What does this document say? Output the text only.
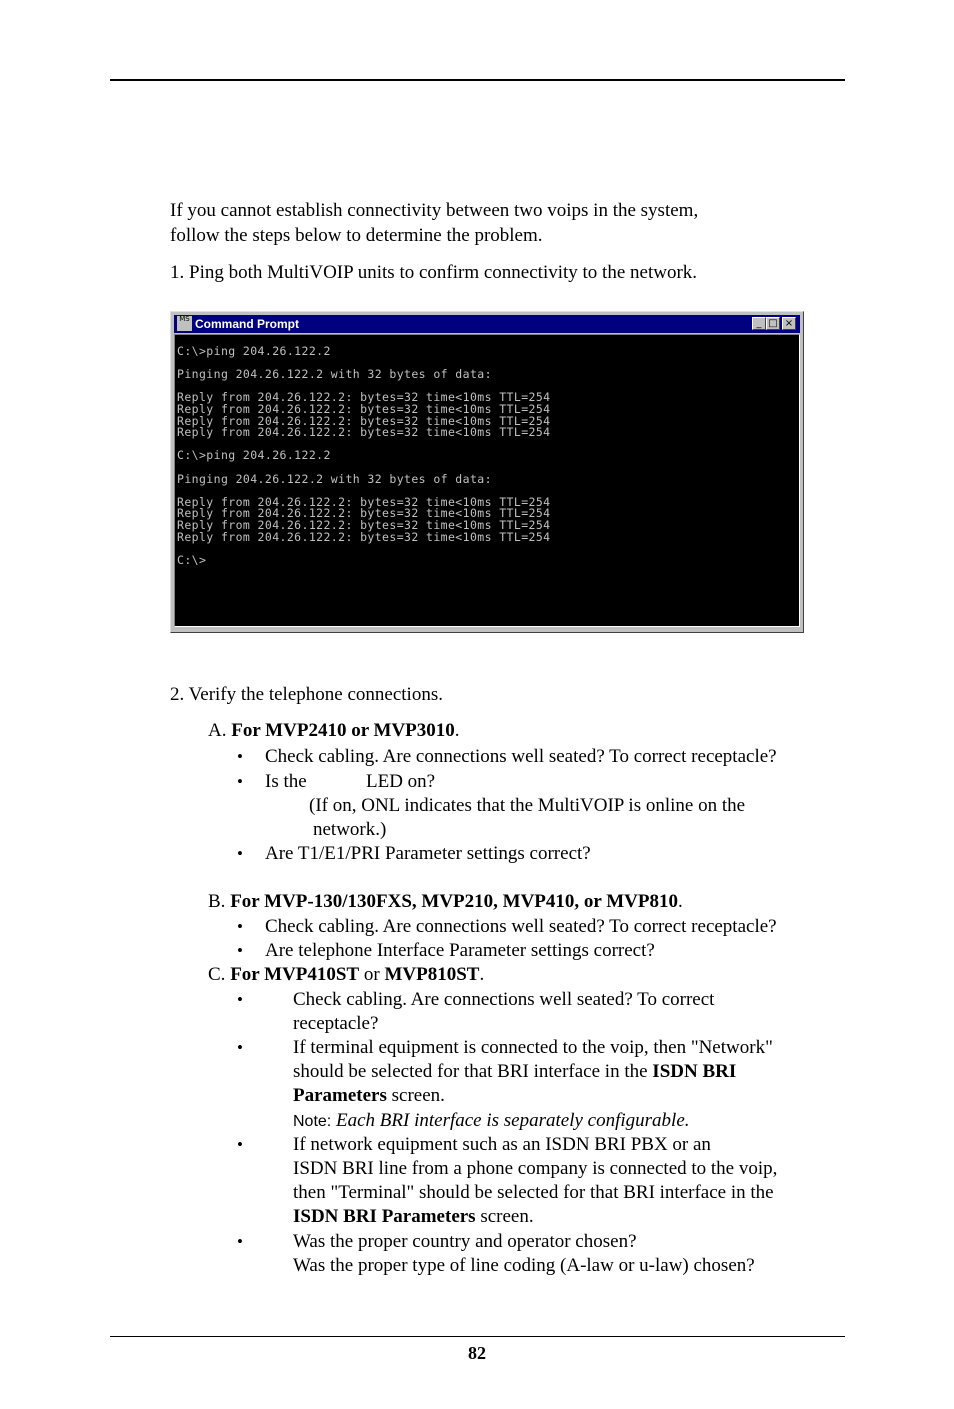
If you cannot establish connectivity between two voips in the system,
follow the steps below to determine the problem.
1. Ping both MultiVOIP units to confirm connectivity to the network.
MS Command Prompt	_ □ ×
C:\>ping 204.26.122.2

Pinging 204.26.122.2 with 32 bytes of data:

Reply from 204.26.122.2: bytes=32 time<10ms TTL=254
Reply from 204.26.122.2: bytes=32 time<10ms TTL=254
Reply from 204.26.122.2: bytes=32 time<10ms TTL=254
Reply from 204.26.122.2: bytes=32 time<10ms TTL=254

C:\>ping 204.26.122.2

Pinging 204.26.122.2 with 32 bytes of data:

Reply from 204.26.122.2: bytes=32 time<10ms TTL=254
Reply from 204.26.122.2: bytes=32 time<10ms TTL=254
Reply from 204.26.122.2: bytes=32 time<10ms TTL=254
Reply from 204.26.122.2: bytes=32 time<10ms TTL=254

C:\>
2. Verify the telephone connections.
A. For MVP2410 or MVP3010.
• Check cabling. Are connections well seated? To correct receptacle?
• Is the	LED on?
(If on, ONL indicates that the MultiVOIP is online on the
network.)
• Are T1/E1/PRI Parameter settings correct?
B. For MVP-130/130FXS, MVP210, MVP410, or MVP810.
• Check cabling. Are connections well seated? To correct receptacle?
• Are telephone Interface Parameter settings correct?
C. For MVP410ST or MVP810ST.
•	Check cabling. Are connections well seated? To correct
receptacle?
•	If terminal equipment is connected to the voip, then "Network"
should be selected for that BRI interface in the ISDN BRI
Parameters screen.
Note: Each BRI interface is separately configurable.
•	If network equipment such as an ISDN BRI PBX or an
ISDN BRI line from a phone company is connected to the voip,
then "Terminal" should be selected for that BRI interface in the
ISDN BRI Parameters screen.
•	Was the proper country and operator chosen?
Was the proper type of line coding (A-law or u-law) chosen?
82
